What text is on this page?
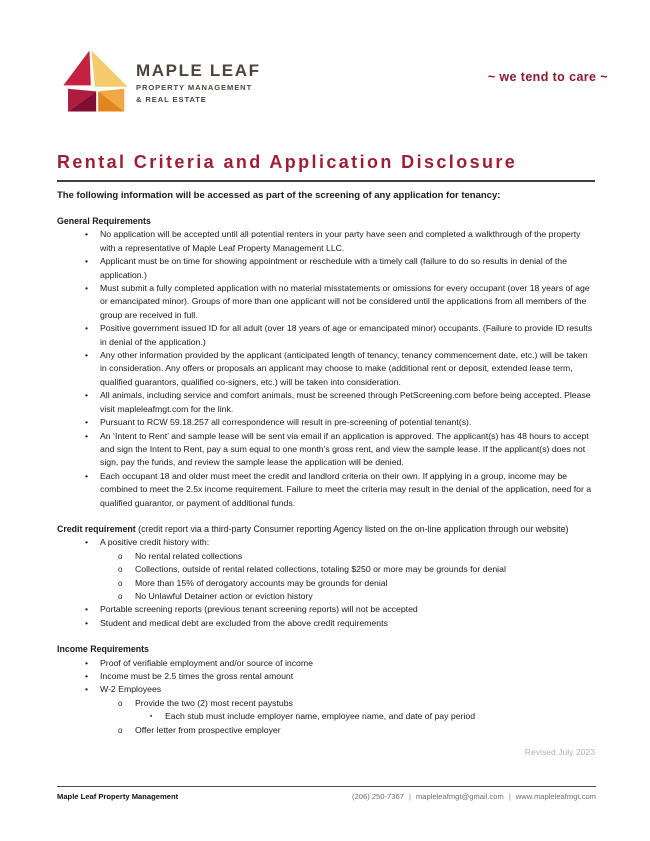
MAPLE LEAF
PROPERTY MANAGEMENT
& REAL ESTATE
~ we tend to care ~
Rental Criteria and Application Disclosure

The following information will be accessed as part of the screening of any application for tenancy:

General Requirements
•	No application will be accepted until all potential renters in your party have seen and completed a walkthrough of the property with a representative of Maple Leaf Property Management LLC.
•	Applicant must be on time for showing appointment or reschedule with a timely call (failure to do so results in denial of the application.)
•	Must submit a fully completed application with no material misstatements or omissions for every occupant (over 18 years of age or emancipated minor). Groups of more than one applicant will not be considered until the applications from all members of the group are received in full.
•	Positive government issued ID for all adult (over 18 years of age or emancipated minor) occupants. (Failure to provide ID results in denial of the application.)
•	Any other information provided by the applicant (anticipated length of tenancy, tenancy commencement date, etc.) will be taken in consideration. Any offers or proposals an applicant may choose to make (additional rent or deposit, extended lease term, qualified guarantors, qualified co-signers, etc.) will be taken into consideration.
•	All animals, including service and comfort animals, must be screened through PetScreening.com before being accepted. Please visit mapleleafmgt.com for the link.
•	Pursuant to RCW 59.18.257 all correspondence will result in pre-screening of potential tenant(s).
•	An ‘Intent to Rent’ and sample lease will be sent via email if an application is approved. The applicant(s) has 48 hours to accept and sign the Intent to Rent, pay a sum equal to one month’s gross rent, and view the sample lease. If the applicant(s) does not sign, pay the funds, and review the sample lease the application will be denied.
•	Each occupant 18 and older must meet the credit and landlord criteria on their own. If applying in a group, income may be combined to meet the 2.5x income requirement. Failure to meet the criteria may result in the denial of the application, need for a qualified guarantor, or payment of additional funds.
Credit requirement (credit report via a third-party Consumer reporting Agency listed on the on-line application through our website)
•	A positive credit history with:
o	No rental related collections
o	Collections, outside of rental related collections, totaling $250 or more may be grounds for denial
o	More than 15% of derogatory accounts may be grounds for denial
o	No Unlawful Detainer action or eviction history
•	Portable screening reports (previous tenant screening reports) will not be accepted
•	Student and medical debt are excluded from the above credit requirements
Income Requirements
•	Proof of verifiable employment and/or source of income
•	Income must be 2.5 times the gross rental amount
•	W-2 Employees
o	Provide the two (2) most recent paystubs
▪	Each stub must include employer name, employee name, and date of pay period
o	Offer letter from prospective employer
Revised July 2023
Maple Leaf Property Management	(206) 250-7367 | mapleleafmgt@gmail.com | www.mapleleafmgt.com
